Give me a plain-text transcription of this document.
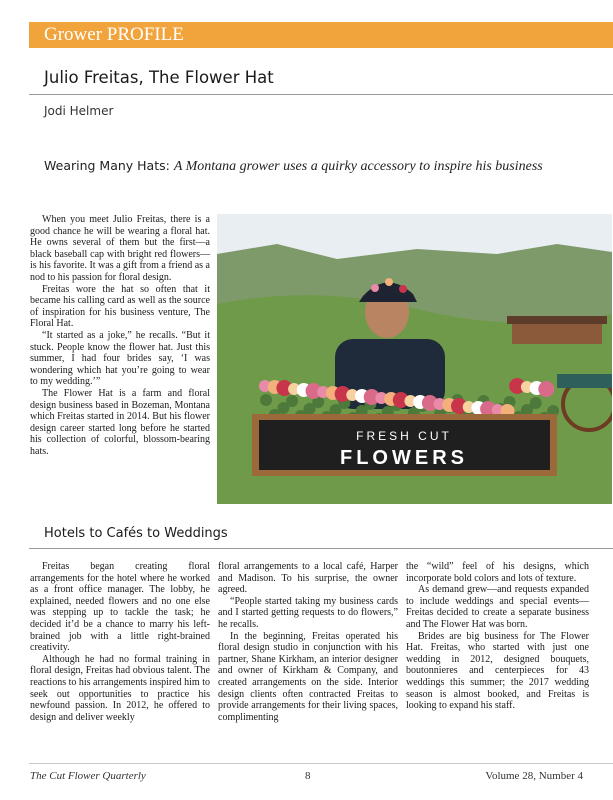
Grower PROFILE
Julio Freitas, The Flower Hat
Jodi Helmer
Wearing Many Hats: A Montana grower uses a quirky accessory to inspire his business

When you meet Julio Freitas, there is a good chance he will be wearing a floral hat. He owns several of them but the first—a black baseball cap with bright red flowers—is his favorite. It was a gift from a friend as a nod to his passion for floral design.

Freitas wore the hat so often that it became his calling card as well as the source of inspiration for his business venture, The Floral Hat.

“It started as a joke,” he recalls. “But it stuck. People know the flower hat. Just this summer, I had four brides say, ‘I was wondering which hat you’re going to wear to my wedding.’”

The Flower Hat is a farm and floral design business based in Bozeman, Montana which Freitas started in 2014. But his flower design career started long before he started his collection of colorful, blossom-bearing hats.

FRESH CUT
FLOWERS
Hotels to Cafés to Weddings

Freitas began creating floral arrangements for the hotel where he worked as a front office manager. The lobby, he explained, needed flowers and no one else was stepping up to tackle the task; he decided it’d be a chance to marry his left-brained job with a little right-brained creativity.

Although he had no formal training in floral design, Freitas had obvious talent. The reactions to his arrangements inspired him to seek out opportunities to practice his newfound passion. In 2012, he offered to design and deliver weekly

floral arrangements to a local café, Harper and Madison. To his surprise, the owner agreed.

“People started taking my business cards and I started getting requests to do flowers,” he recalls.

In the beginning, Freitas operated his floral design studio in conjunction with his partner, Shane Kirkham, an interior designer and owner of Kirkham & Company, and created arrangements on the side. Interior design clients often contracted Freitas to provide arrangements for their living spaces, complimenting

the “wild” feel of his designs, which incorporate bold colors and lots of texture.

As demand grew—and requests expanded to include weddings and special events—Freitas decided to create a separate business and The Flower Hat was born.

Brides are big business for The Flower Hat. Freitas, who started with just one wedding in 2012, designed bouquets, boutonnieres and centerpieces for 43 weddings this summer; the 2017 wedding season is almost booked, and Freitas is looking to expand his staff.

The Cut Flower Quarterly	8	Volume 28, Number 4
